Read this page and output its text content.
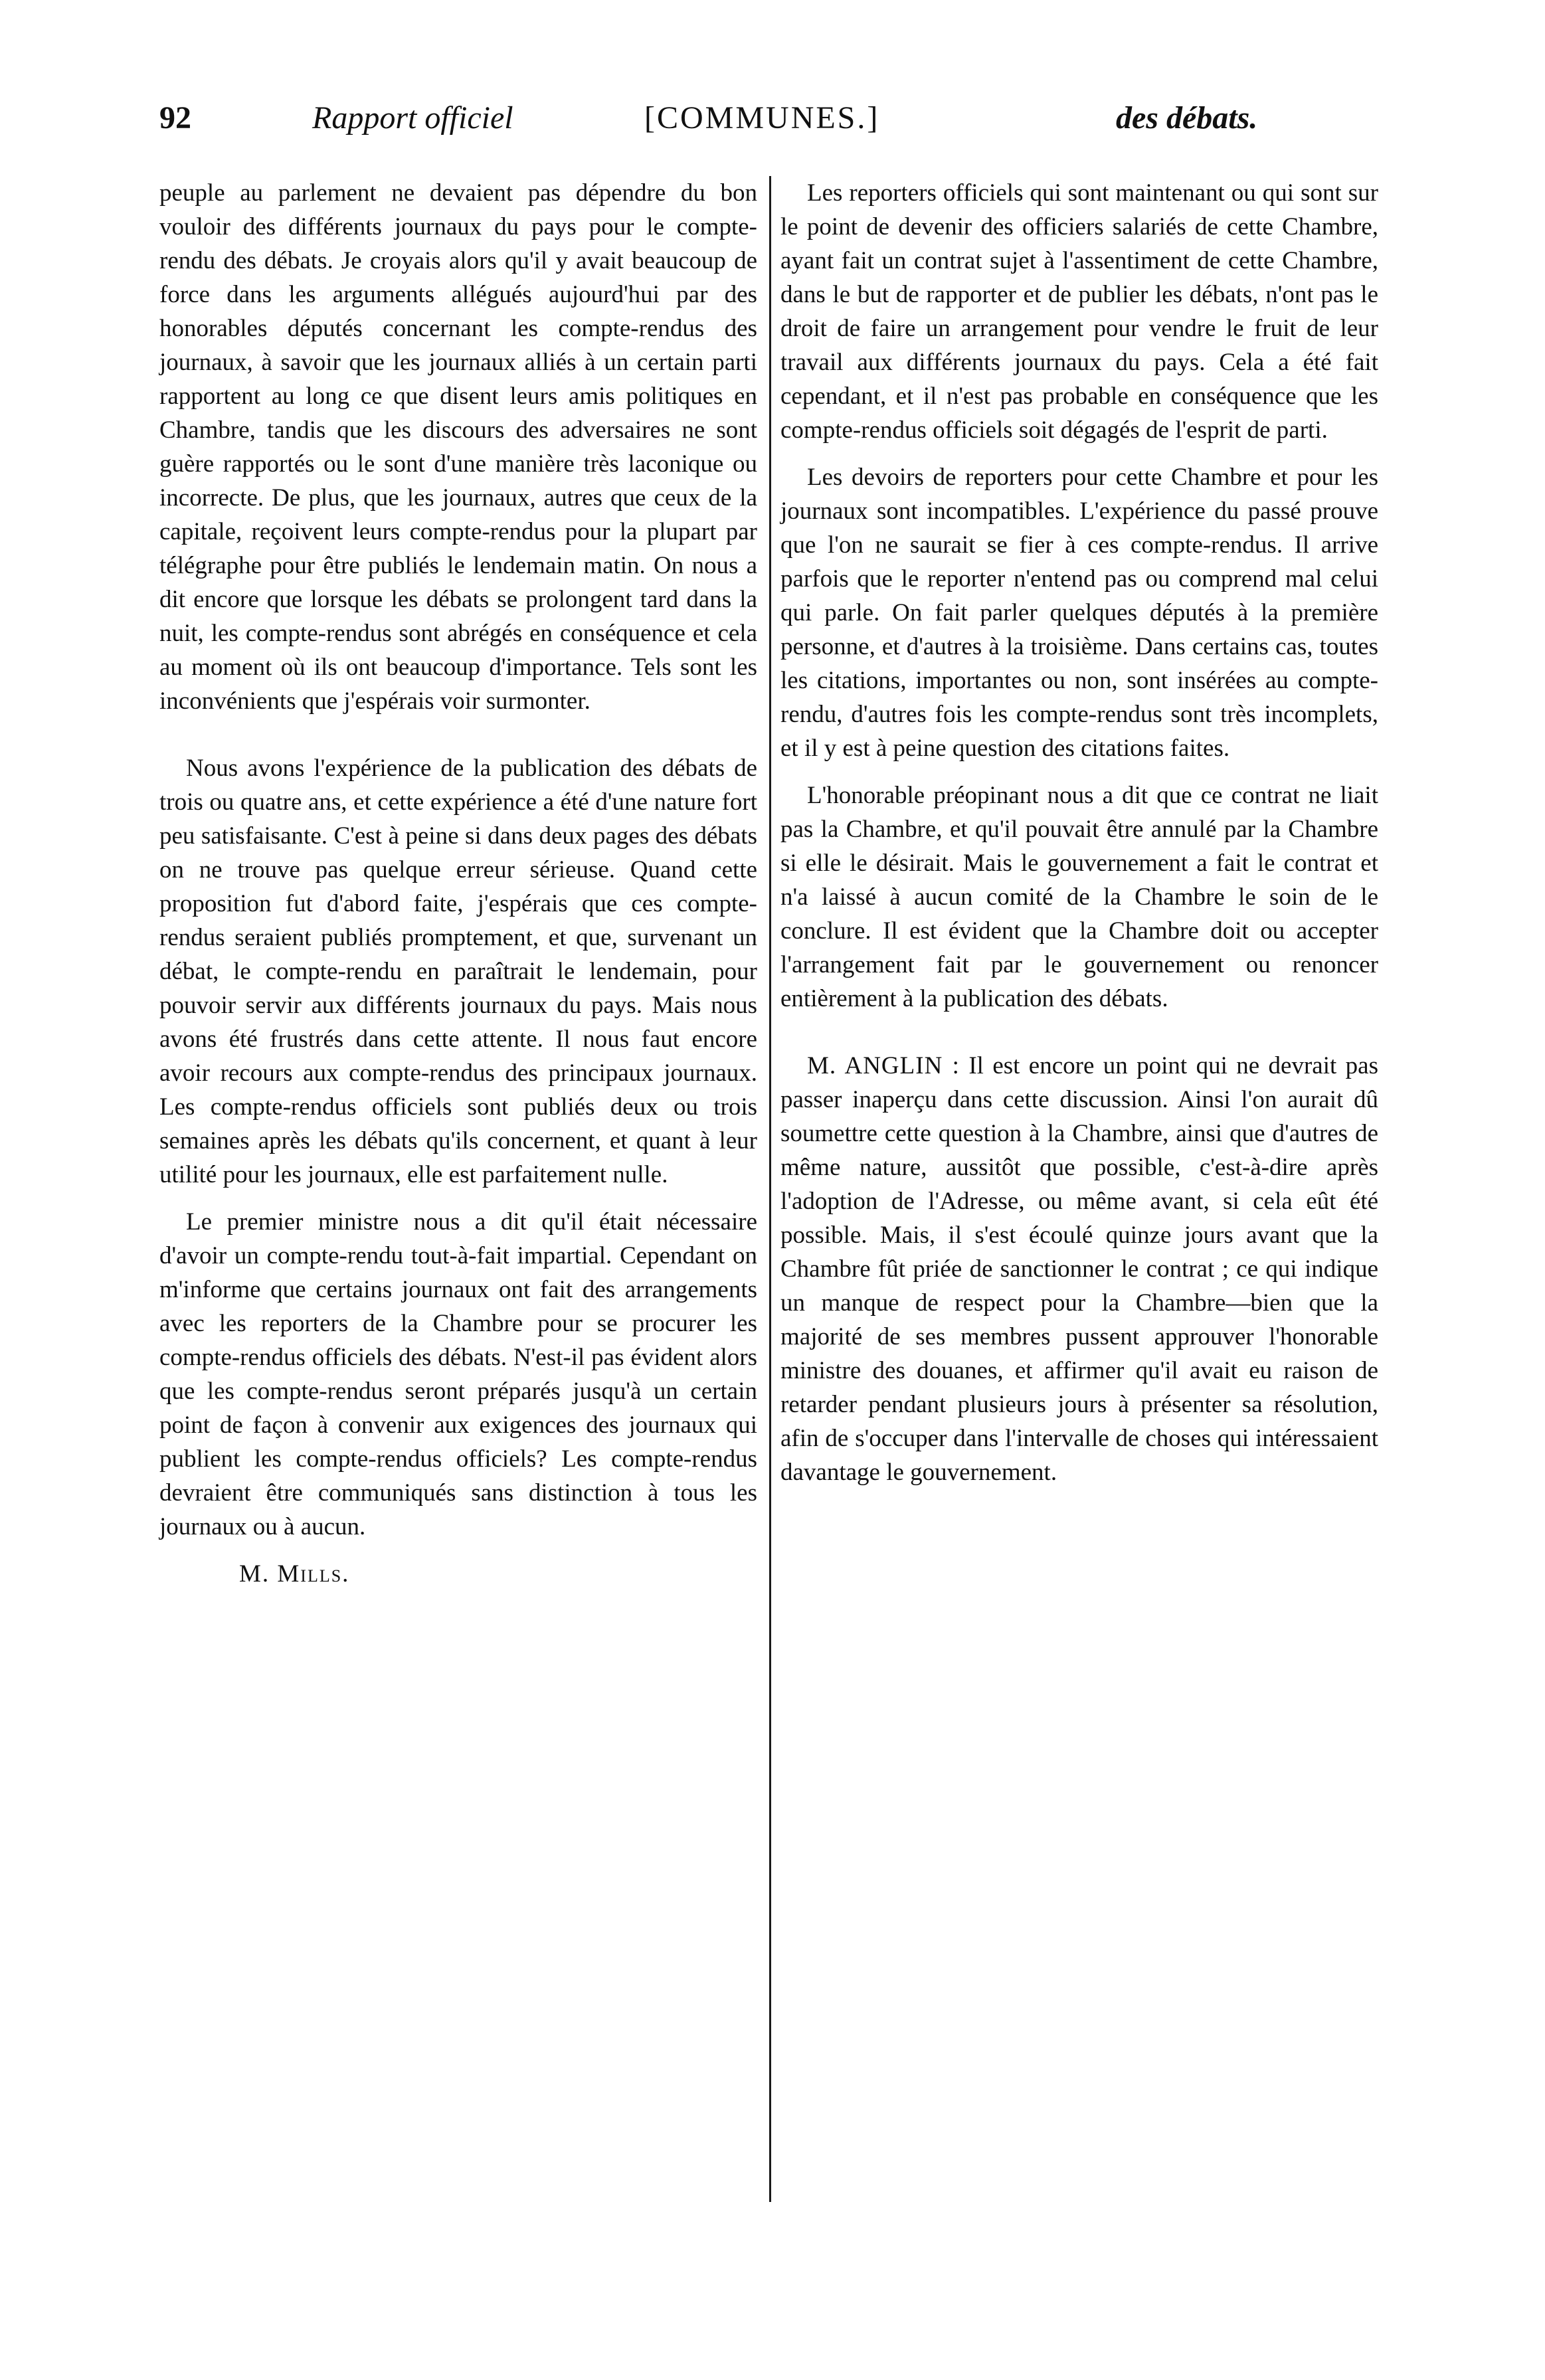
92	Rapport officiel	[COMMUNES.]	des débats.

peuple au parlement ne devaient pas dépendre du bon vouloir des différents journaux du pays pour le compte-rendu des débats. Je croyais alors qu'il y avait beaucoup de force dans les arguments allégués aujourd'hui par des honorables députés concernant les compte-rendus des journaux, à savoir que les journaux alliés à un certain parti rapportent au long ce que disent leurs amis politiques en Chambre, tandis que les discours des adversaires ne sont guère rapportés ou le sont d'une manière très laconique ou incorrecte. De plus, que les journaux, autres que ceux de la capitale, reçoivent leurs compte-rendus pour la plupart par télégraphe pour être publiés le lendemain matin. On nous a dit encore que lorsque les débats se prolongent tard dans la nuit, les compte-rendus sont abrégés en conséquence et cela au moment où ils ont beaucoup d'importance. Tels sont les inconvénients que j'espérais voir surmonter.

Nous avons l'expérience de la publication des débats de trois ou quatre ans, et cette expérience a été d'une nature fort peu satisfaisante. C'est à peine si dans deux pages des débats on ne trouve pas quelque erreur sérieuse. Quand cette proposition fut d'abord faite, j'espérais que ces compte-rendus seraient publiés promptement, et que, survenant un débat, le compte-rendu en paraîtrait le lendemain, pour pouvoir servir aux différents journaux du pays. Mais nous avons été frustrés dans cette attente. Il nous faut encore avoir recours aux compte-rendus des principaux journaux. Les compte-rendus officiels sont publiés deux ou trois semaines après les débats qu'ils concernent, et quant à leur utilité pour les journaux, elle est parfaitement nulle.

Le premier ministre nous a dit qu'il était nécessaire d'avoir un compte-rendu tout-à-fait impartial. Cependant on m'informe que certains journaux ont fait des arrangements avec les reporters de la Chambre pour se procurer les compte-rendus officiels des débats. N'est-il pas évident alors que les compte-rendus seront préparés jusqu'à un certain point de façon à convenir aux exigences des journaux qui publient les compte-rendus officiels? Les compte-rendus devraient être communiqués sans distinction à tous les journaux ou à aucun.

M. Mills.

Les reporters officiels qui sont maintenant ou qui sont sur le point de devenir des officiers salariés de cette Chambre, ayant fait un contrat sujet à l'assentiment de cette Chambre, dans le but de rapporter et de publier les débats, n'ont pas le droit de faire un arrangement pour vendre le fruit de leur travail aux différents journaux du pays. Cela a été fait cependant, et il n'est pas probable en conséquence que les compte-rendus officiels soit dégagés de l'esprit de parti.

Les devoirs de reporters pour cette Chambre et pour les journaux sont incompatibles. L'expérience du passé prouve que l'on ne saurait se fier à ces compte-rendus. Il arrive parfois que le reporter n'entend pas ou comprend mal celui qui parle. On fait parler quelques députés à la première personne, et d'autres à la troisième. Dans certains cas, toutes les citations, importantes ou non, sont insérées au compte-rendu, d'autres fois les compte-rendus sont très incomplets, et il y est à peine question des citations faites.

L'honorable préopinant nous a dit que ce contrat ne liait pas la Chambre, et qu'il pouvait être annulé par la Chambre si elle le désirait. Mais le gouvernement a fait le contrat et n'a laissé à aucun comité de la Chambre le soin de le conclure. Il est évident que la Chambre doit ou accepter l'arrangement fait par le gouvernement ou renoncer entièrement à la publication des débats.

M. ANGLIN : Il est encore un point qui ne devrait pas passer inaperçu dans cette discussion. Ainsi l'on aurait dû soumettre cette question à la Chambre, ainsi que d'autres de même nature, aussitôt que possible, c'est-à-dire après l'adoption de l'Adresse, ou même avant, si cela eût été possible. Mais, il s'est écoulé quinze jours avant que la Chambre fût priée de sanctionner le contrat ; ce qui indique un manque de respect pour la Chambre—bien que la majorité de ses membres pussent approuver l'honorable ministre des douanes, et affirmer qu'il avait eu raison de retarder pendant plusieurs jours à présenter sa résolution, afin de s'occuper dans l'intervalle de choses qui intéressaient davantage le gouvernement.
